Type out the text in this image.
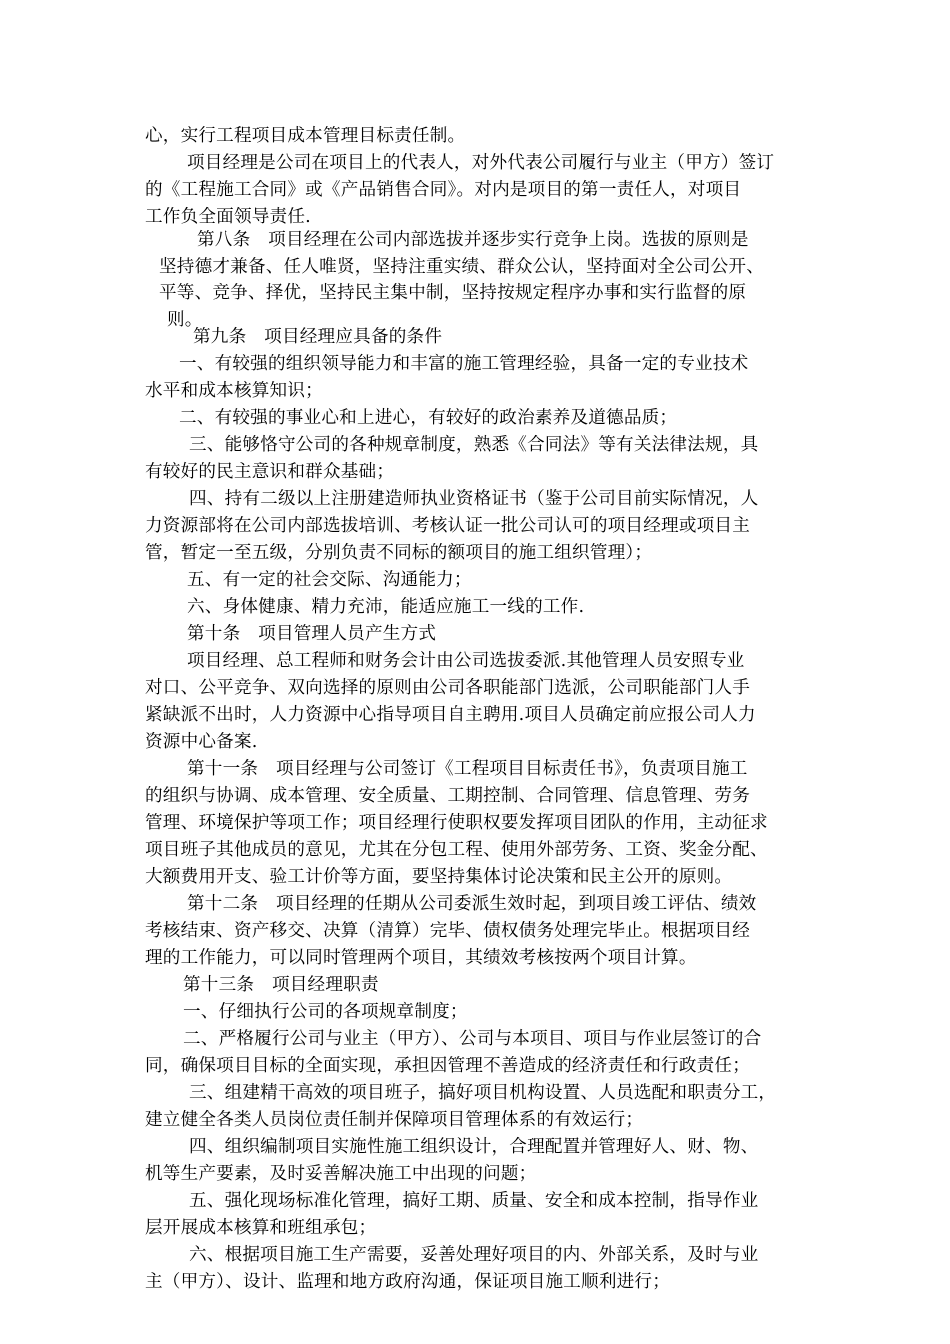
心，实行工程项目成本管理目标责任制。
项目经理是公司在项目上的代表人，对外代表公司履行与业主（甲方）签订
的《工程施工合同》或《产品销售合同》。对内是项目的第一责任人，对项目
工作负全面领导责任.
第八条　项目经理在公司内部选拔并逐步实行竞争上岗。选拔的原则是
坚持德才兼备、任人唯贤，坚持注重实绩、群众公认，坚持面对全公司公开、
平等、竞争、择优，坚持民主集中制，坚持按规定程序办事和实行监督的原
则。
第九条　项目经理应具备的条件
一、有较强的组织领导能力和丰富的施工管理经验，具备一定的专业技术
水平和成本核算知识；
二、有较强的事业心和上进心，有较好的政治素养及道德品质；
三、能够恪守公司的各种规章制度，熟悉《合同法》等有关法律法规，具
有较好的民主意识和群众基础；
四、持有二级以上注册建造师执业资格证书（鉴于公司目前实际情况，人
力资源部将在公司内部选拔培训、考核认证一批公司认可的项目经理或项目主
管，暂定一至五级，分别负责不同标的额项目的施工组织管理）；
五、有一定的社会交际、沟通能力；
六、身体健康、精力充沛，能适应施工一线的工作.
第十条　项目管理人员产生方式
项目经理、总工程师和财务会计由公司选拔委派.其他管理人员安照专业
对口、公平竞争、双向选择的原则由公司各职能部门选派，公司职能部门人手
紧缺派不出时，人力资源中心指导项目自主聘用.项目人员确定前应报公司人力
资源中心备案.
第十一条　项目经理与公司签订《工程项目目标责任书》，负责项目施工
的组织与协调、成本管理、安全质量、工期控制、合同管理、信息管理、劳务
管理、环境保护等项工作；项目经理行使职权要发挥项目团队的作用，主动征求
项目班子其他成员的意见，尤其在分包工程、使用外部劳务、工资、奖金分配、
大额费用开支、验工计价等方面，要坚持集体讨论决策和民主公开的原则。
第十二条　项目经理的任期从公司委派生效时起，到项目竣工评估、绩效
考核结束、资产移交、决算（清算）完毕、债权债务处理完毕止。根据项目经
理的工作能力，可以同时管理两个项目，其绩效考核按两个项目计算。
第十三条　项目经理职责
一、仔细执行公司的各项规章制度；
二、严格履行公司与业主（甲方）、公司与本项目、项目与作业层签订的合
同，确保项目目标的全面实现，承担因管理不善造成的经济责任和行政责任；
三、组建精干高效的项目班子，搞好项目机构设置、人员选配和职责分工，
建立健全各类人员岗位责任制并保障项目管理体系的有效运行；
四、组织编制项目实施性施工组织设计，合理配置并管理好人、财、物、
机等生产要素，及时妥善解决施工中出现的问题；
五、强化现场标准化管理，搞好工期、质量、安全和成本控制，指导作业
层开展成本核算和班组承包；
六、根据项目施工生产需要，妥善处理好项目的内、外部关系，及时与业
主（甲方）、设计、监理和地方政府沟通，保证项目施工顺利进行；
